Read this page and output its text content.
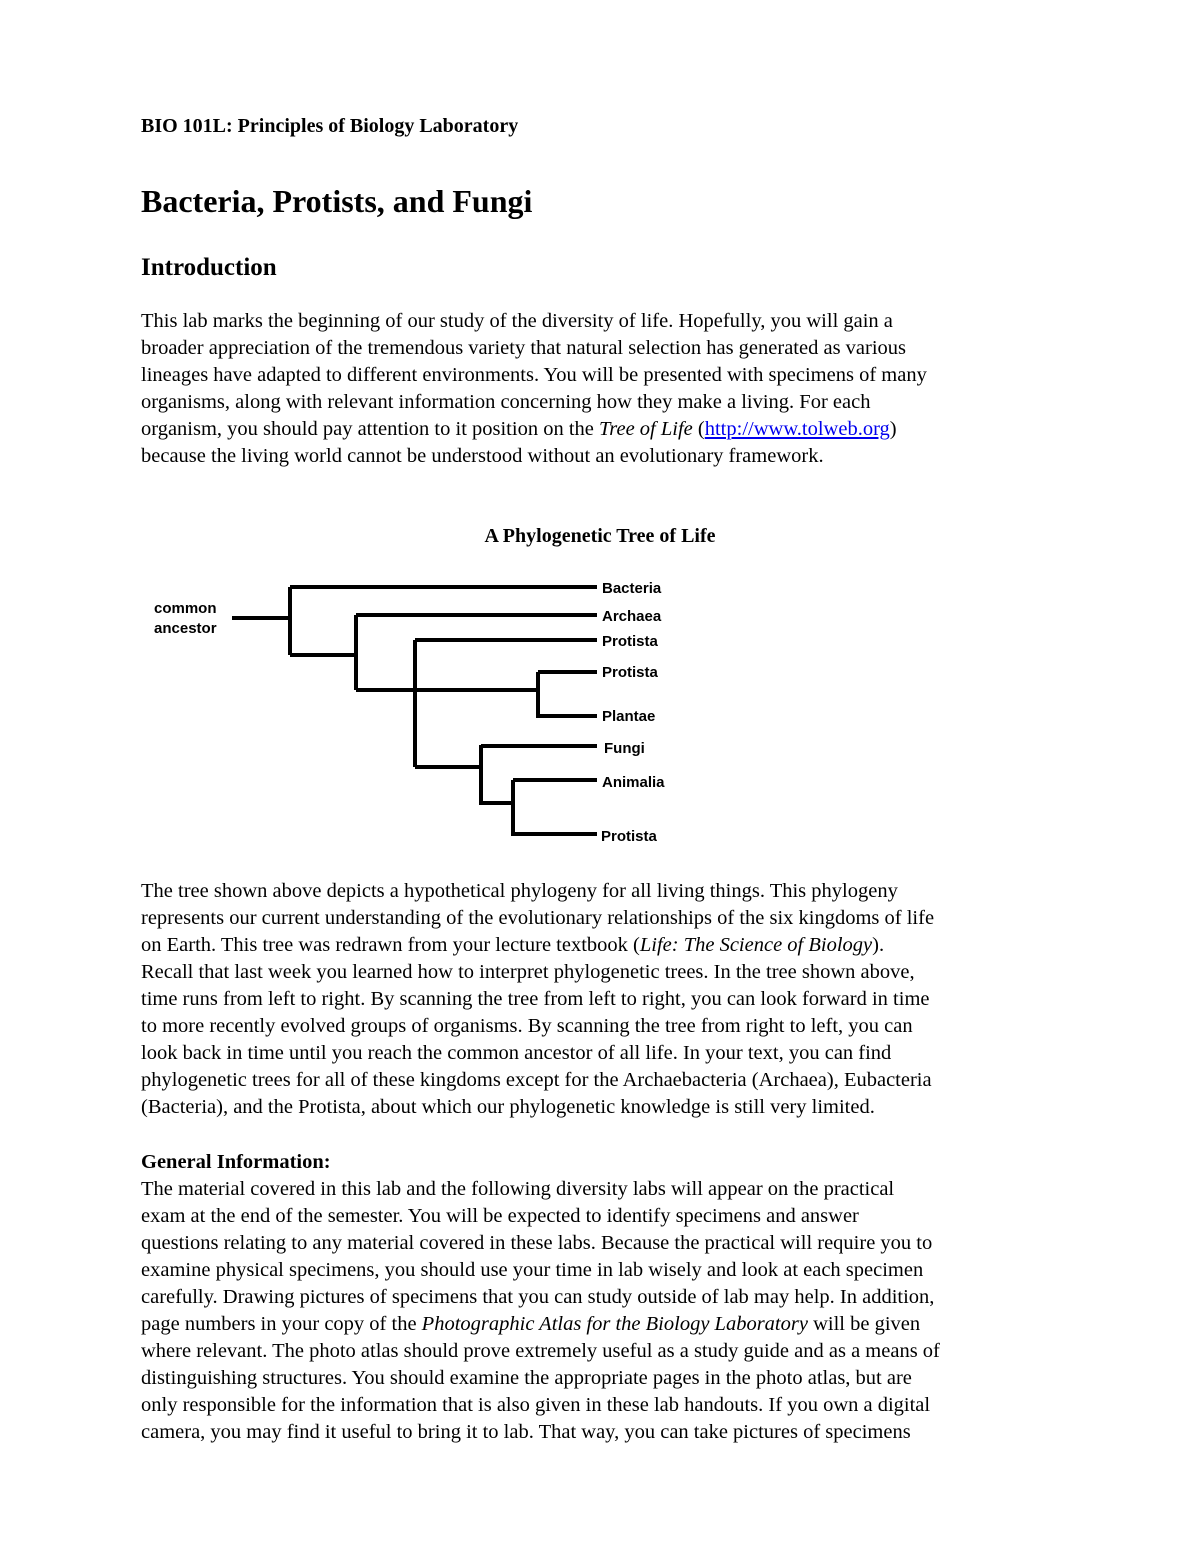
BIO 101L: Principles of Biology Laboratory
Bacteria, Protists, and Fungi
Introduction
This lab marks the beginning of our study of the diversity of life. Hopefully, you will gain a
broader appreciation of the tremendous variety that natural selection has generated as various
lineages have adapted to different environments. You will be presented with specimens of many
organisms, along with relevant information concerning how they make a living. For each
organism, you should pay attention to it position on the Tree of Life (http://www.tolweb.org)
because the living world cannot be understood without an evolutionary framework.
A Phylogenetic Tree of Life
common
ancestor
Bacteria
Archaea
Protista
Protista
Plantae
Fungi
Animalia
Protista
The tree shown above depicts a hypothetical phylogeny for all living things. This phylogeny
represents our current understanding of the evolutionary relationships of the six kingdoms of life
on Earth. This tree was redrawn from your lecture textbook (Life: The Science of Biology).
Recall that last week you learned how to interpret phylogenetic trees. In the tree shown above,
time runs from left to right. By scanning the tree from left to right, you can look forward in time
to more recently evolved groups of organisms. By scanning the tree from right to left, you can
look back in time until you reach the common ancestor of all life. In your text, you can find
phylogenetic trees for all of these kingdoms except for the Archaebacteria (Archaea), Eubacteria
(Bacteria), and the Protista, about which our phylogenetic knowledge is still very limited.
General Information:
The material covered in this lab and the following diversity labs will appear on the practical
exam at the end of the semester. You will be expected to identify specimens and answer
questions relating to any material covered in these labs. Because the practical will require you to
examine physical specimens, you should use your time in lab wisely and look at each specimen
carefully. Drawing pictures of specimens that you can study outside of lab may help. In addition,
page numbers in your copy of the Photographic Atlas for the Biology Laboratory will be given
where relevant. The photo atlas should prove extremely useful as a study guide and as a means of
distinguishing structures. You should examine the appropriate pages in the photo atlas, but are
only responsible for the information that is also given in these lab handouts. If you own a digital
camera, you may find it useful to bring it to lab. That way, you can take pictures of specimens
